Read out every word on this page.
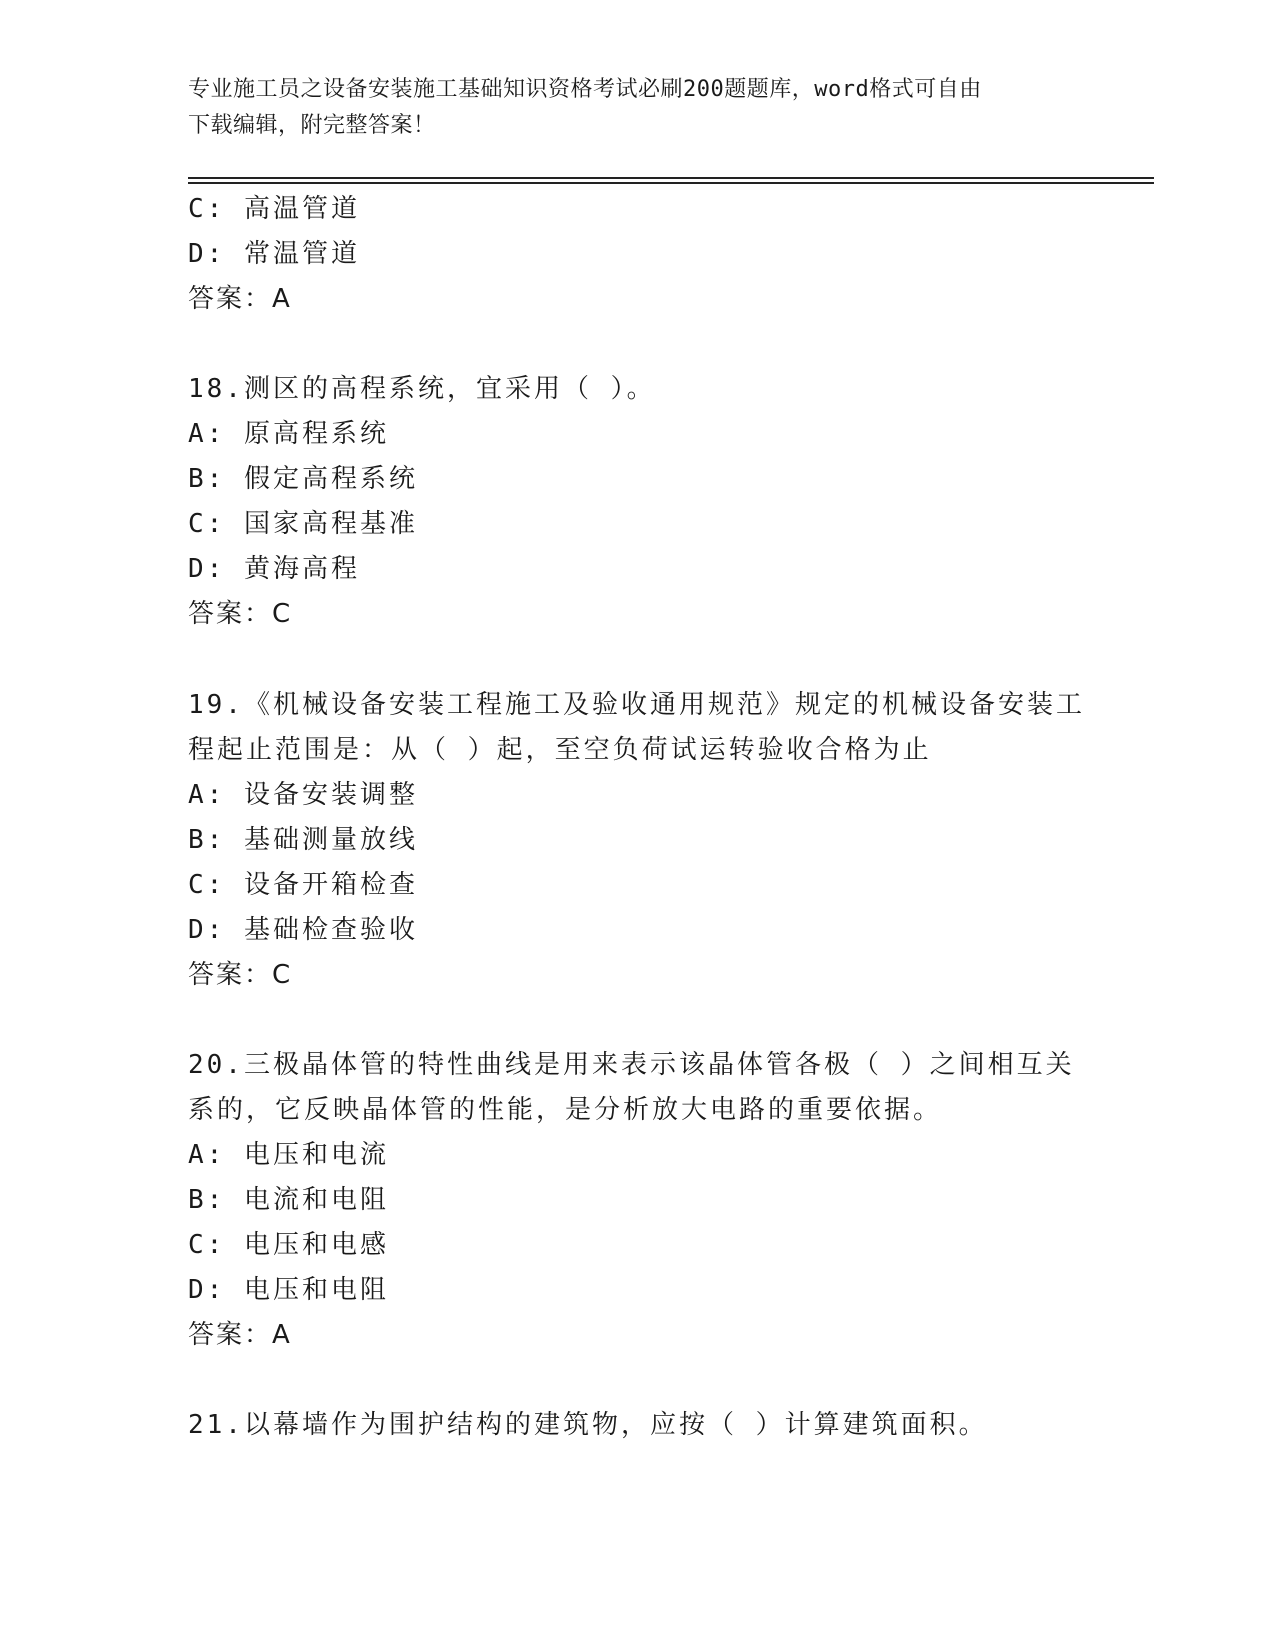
专业施工员之设备安装施工基础知识资格考试必刷200题题库，word格式可自由
下载编辑，附完整答案！
C: 高温管道
D: 常温管道
答案：A
18.测区的高程系统，宜采用（ ）。
A: 原高程系统
B: 假定高程系统
C: 国家高程基准
D: 黄海高程
答案：C
19.《机械设备安装工程施工及验收通用规范》规定的机械设备安装工
程起止范围是：从（ ）起，至空负荷试运转验收合格为止
A: 设备安装调整
B: 基础测量放线
C: 设备开箱检查
D: 基础检查验收
答案：C
20.三极晶体管的特性曲线是用来表示该晶体管各极（ ）之间相互关
系的，它反映晶体管的性能，是分析放大电路的重要依据。
A: 电压和电流
B: 电流和电阻
C: 电压和电感
D: 电压和电阻
答案：A
21.以幕墙作为围护结构的建筑物，应按（ ）计算建筑面积。
